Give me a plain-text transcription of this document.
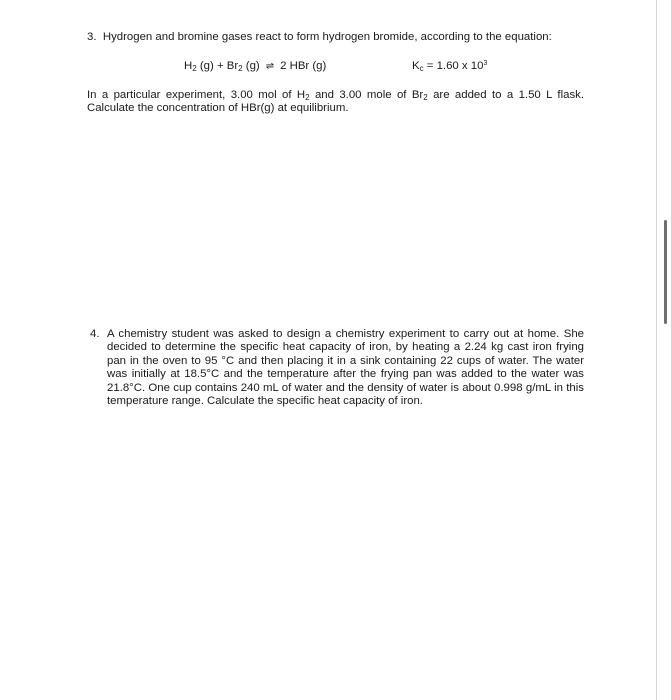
3. Hydrogen and bromine gases react to form hydrogen bromide, according to the equation:
$H_2$ $(g) + Br_2$ (g) ⇌ 2 HBr (g)	$K_c = 1.60$ x $10^3$
In a particular experiment, 3.00 mol of $H_2$ and 3.00 mole of $Br_2$ are added to a 1.50 L flask. Calculate the concentration of HBr(g) at equilibrium.
4. A chemistry student was asked to design a chemistry experiment to carry out at home. She decided to determine the specific heat capacity of iron, by heating a 2.24 kg cast iron frying pan in the oven to 95 °C and then placing it in a sink containing 22 cups of water. The water was initially at 18.5°C and the temperature after the frying pan was added to the water was 21.8°C. One cup contains 240 mL of water and the density of water is about 0.998 g/mL in this temperature range. Calculate the specific heat capacity of iron.
